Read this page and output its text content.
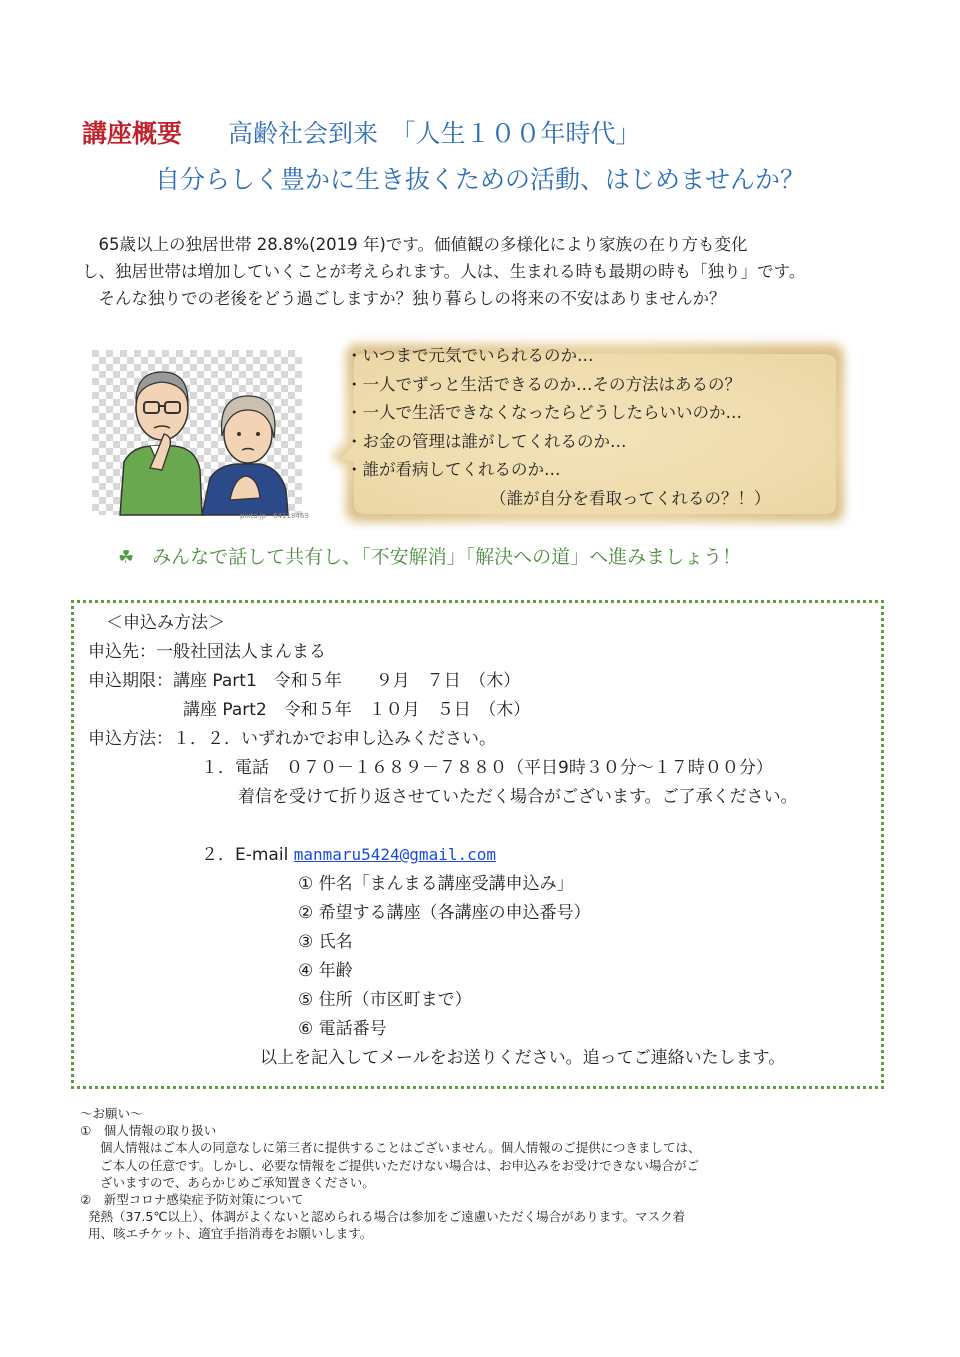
講座概要 高齢社会到来　「人生１００年時代」
自分らしく豊かに生き抜くための活動、はじめませんか？
　65歳以上の独居世帯 28.8%(2019 年)です。価値観の多様化により家族の在り方も変化
し、独居世帯は増加していくことが考えられます。人は、生まれる時も最期の時も「独り」です。
　そんな独りでの老後をどう過ごしますか？独り暮らしの将来の不安はありませんか？
pixta.jp - 64118469
・いつまで元気でいられるのか…
・一人でずっと生活できるのか…その方法はあるの？
・一人で生活できなくなったらどうしたらいいのか…
・お金の管理は誰がしてくれるのか…
・誰が看病してくれるのか…
（誰が自分を看取ってくれるの？！）
☘ みんなで話して共有し、「不安解消」「解決への道」へ進みましょう！
＜申込み方法＞
申込先：一般社団法人まんまる
申込期限：講座 Part1　令和５年　　９月　７日　（木）
講座 Part2　令和５年　１０月　５日　（木）
申込方法：１．２．いずれかでお申し込みください。
１．電話　０７０－１６８９－７８８０（平日9時３０分～１７時００分）
着信を受けて折り返させていただく場合がございます。ご了承ください。
２．E-mail manmaru5424@gmail.com
① 件名「まんまる講座受講申込み」
② 希望する講座（各講座の申込番号）
③ 氏名
④ 年齢
⑤ 住所（市区町まで）
⑥ 電話番号
以上を記入してメールをお送りください。追ってご連絡いたします。
～お願い～
①　個人情報の取り扱い
個人情報はご本人の同意なしに第三者に提供することはございません。個人情報のご提供につきましては、
ご本人の任意です。しかし、必要な情報をご提供いただけない場合は、お申込みをお受けできない場合がご
ざいますので、あらかじめご承知置きください。
②　新型コロナ感染症予防対策について
発熱（37.5℃以上）、体調がよくないと認められる場合は参加をご遠慮いただく場合があります。マスク着
用、咳エチケット、適宜手指消毒をお願いします。
